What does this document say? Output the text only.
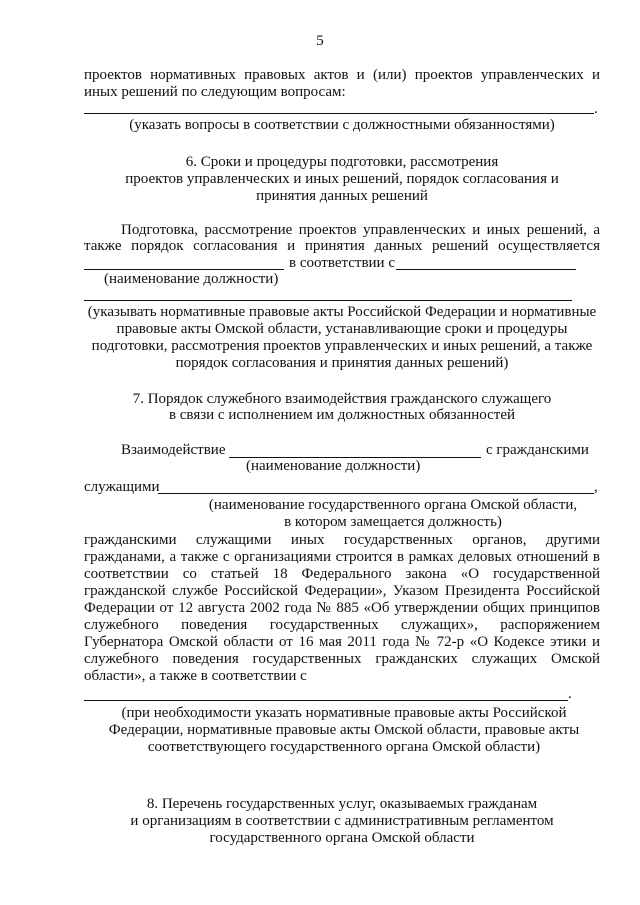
5
проектов нормативных правовых актов и (или) проектов управленческих и
иных решений по следующим вопросам:
.
(указать вопросы в соответствии с должностными обязанностями)
6. Сроки и процедуры подготовки, рассмотрения
проектов управленческих и иных решений, порядок согласования и
принятия данных решений
Подготовка, рассмотрение проектов управленческих и иных решений, а
также порядок согласования и принятия данных решений осуществляется
в соответствии с
(наименование должности)
(указывать нормативные правовые акты Российской Федерации и нормативные
правовые акты Омской области, устанавливающие сроки и процедуры
подготовки, рассмотрения проектов управленческих и иных решений, а также
порядок согласования и принятия данных решений)
7. Порядок служебного взаимодействия гражданского служащего
в связи с исполнением им должностных обязанностей
Взаимодействие	с гражданскими
(наименование должности)
служащими	,
(наименование государственного органа Омской области,
в котором замещается должность)
гражданскими служащими иных государственных органов, другими
гражданами, а также с организациями строится в рамках деловых отношений в
соответствии со статьей 18 Федерального закона «О государственной
гражданской службе Российской Федерации», Указом Президента Российской
Федерации от 12 августа 2002 года № 885 «Об утверждении общих принципов
служебного поведения государственных служащих», распоряжением
Губернатора Омской области от 16 мая 2011 года № 72-р «О Кодексе этики и
служебного поведения государственных гражданских служащих Омской
области», а также в соответствии с
.
(при необходимости указать нормативные правовые акты Российской
Федерации, нормативные правовые акты Омской области, правовые акты
соответствующего государственного органа Омской области)
8. Перечень государственных услуг, оказываемых гражданам
и организациям в соответствии с административным регламентом
государственного органа Омской области
